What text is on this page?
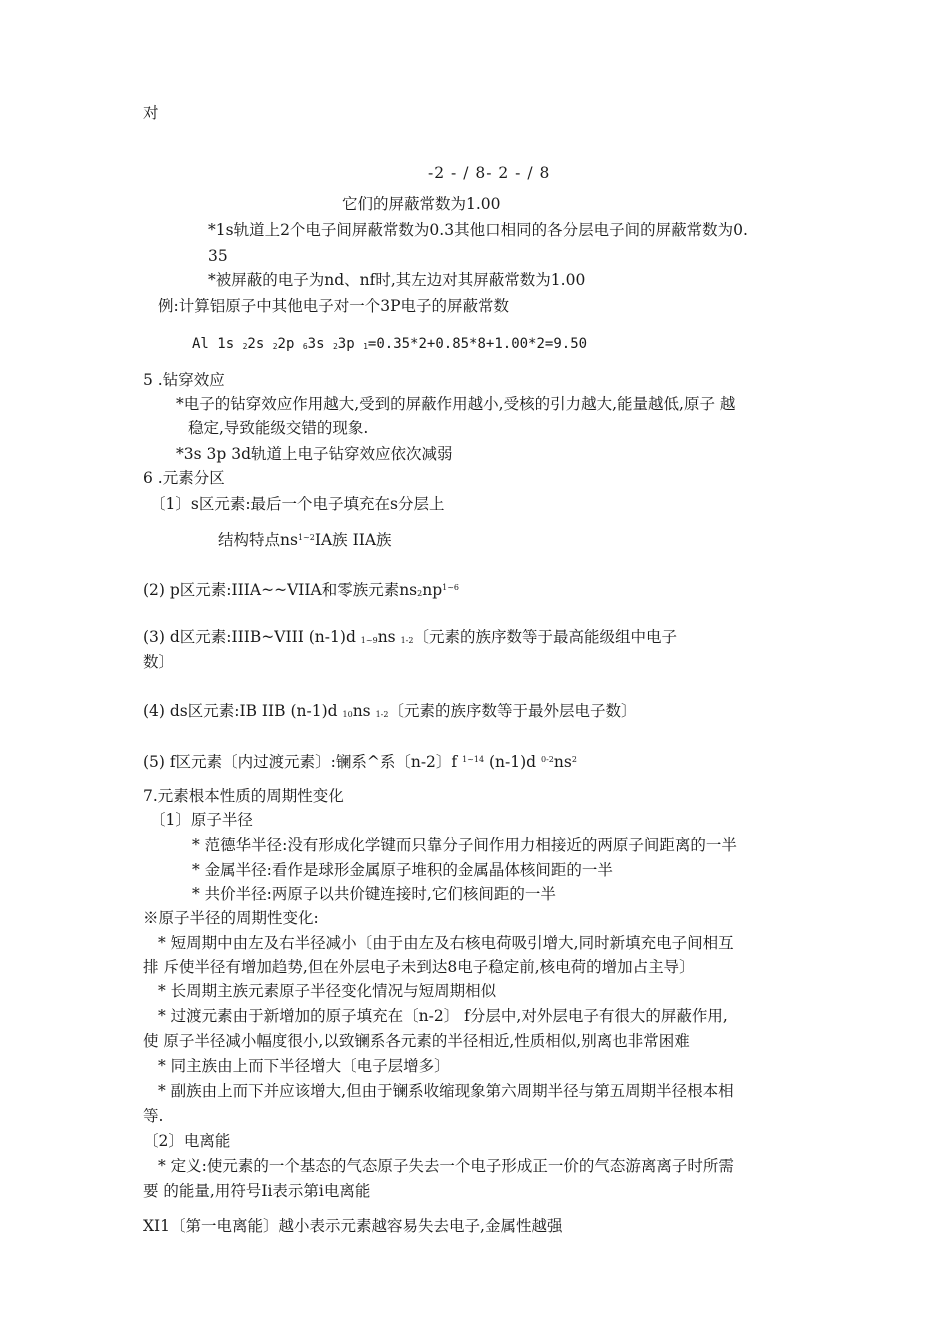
对
-2 - / 8- 2 - / 8
它们的屏蔽常数为1.00
*1s轨道上2个电子间屏蔽常数为0.3其他口相同的各分层电子间的屏蔽常数为0.
35
*被屏蔽的电子为nd、nf时,其左边对其屏蔽常数为1.00
例:计算铝原子中其他电子对一个3P电子的屏蔽常数
Al 1s 22s 22p 63s 23p 1=0.35*2+0.85*8+1.00*2=9.50
5 .钻穿效应
*电子的钻穿效应作用越大,受到的屏蔽作用越小,受核的引力越大,能量越低,原子 越
稳定,导致能级交错的现象.
*3s 3p 3d轨道上电子钻穿效应依次减弱
6 .元素分区
〔1〕s区元素:最后一个电子填充在s分层上
结构特点$ns^{1\sim 2}IA$族 IIA族
(2) p区元素:IIIA~~VIIA和零族元素$ns2np^{1\sim 6}$
(3) d区元素:IIIB~VIII (n-1)d 1~9ns 1-2〔元素的族序数等于最高能级组中电子
数〕
(4) ds区元素:IB IIB (n-1)d 10ns 1-2〔元素的族序数等于最外层电子数〕
(5) f区元素〔内过渡元素〕:镧系^系〔n-2〕f $^{1\sim 14}$ (n-1)d $^{0-2}ns^2$
7.元素根本性质的周期性变化
〔1〕原子半径
* 范德华半径:没有形成化学键而只靠分子间作用力相接近的两原子间距离的一半
* 金属半径:看作是球形金属原子堆积的金属晶体核间距的一半
* 共价半径:两原子以共价键连接时,它们核间距的一半
※原子半径的周期性变化:
* 短周期中由左及右半径减小〔由于由左及右核电荷吸引增大,同时新填充电子间相互
排 斥使半径有增加趋势,但在外层电子未到达8电子稳定前,核电荷的增加占主导〕
* 长周期主族元素原子半径变化情况与短周期相似
* 过渡元素由于新增加的原子填充在〔n-2〕 f分层中,对外层电子有很大的屏蔽作用,
使 原子半径减小幅度很小,以致镧系各元素的半径相近,性质相似,别离也非常困难
* 同主族由上而下半径增大〔电子层增多〕
* 副族由上而下并应该增大,但由于镧系收缩现象第六周期半径与第五周期半径根本相
等.
〔2〕电离能
* 定义:使元素的一个基态的气态原子失去一个电子形成正一价的气态游离离子时所需
要 的能量,用符号Ii表示第i电离能
XI1〔第一电离能〕越小表示元素越容易失去电子,金属性越强
